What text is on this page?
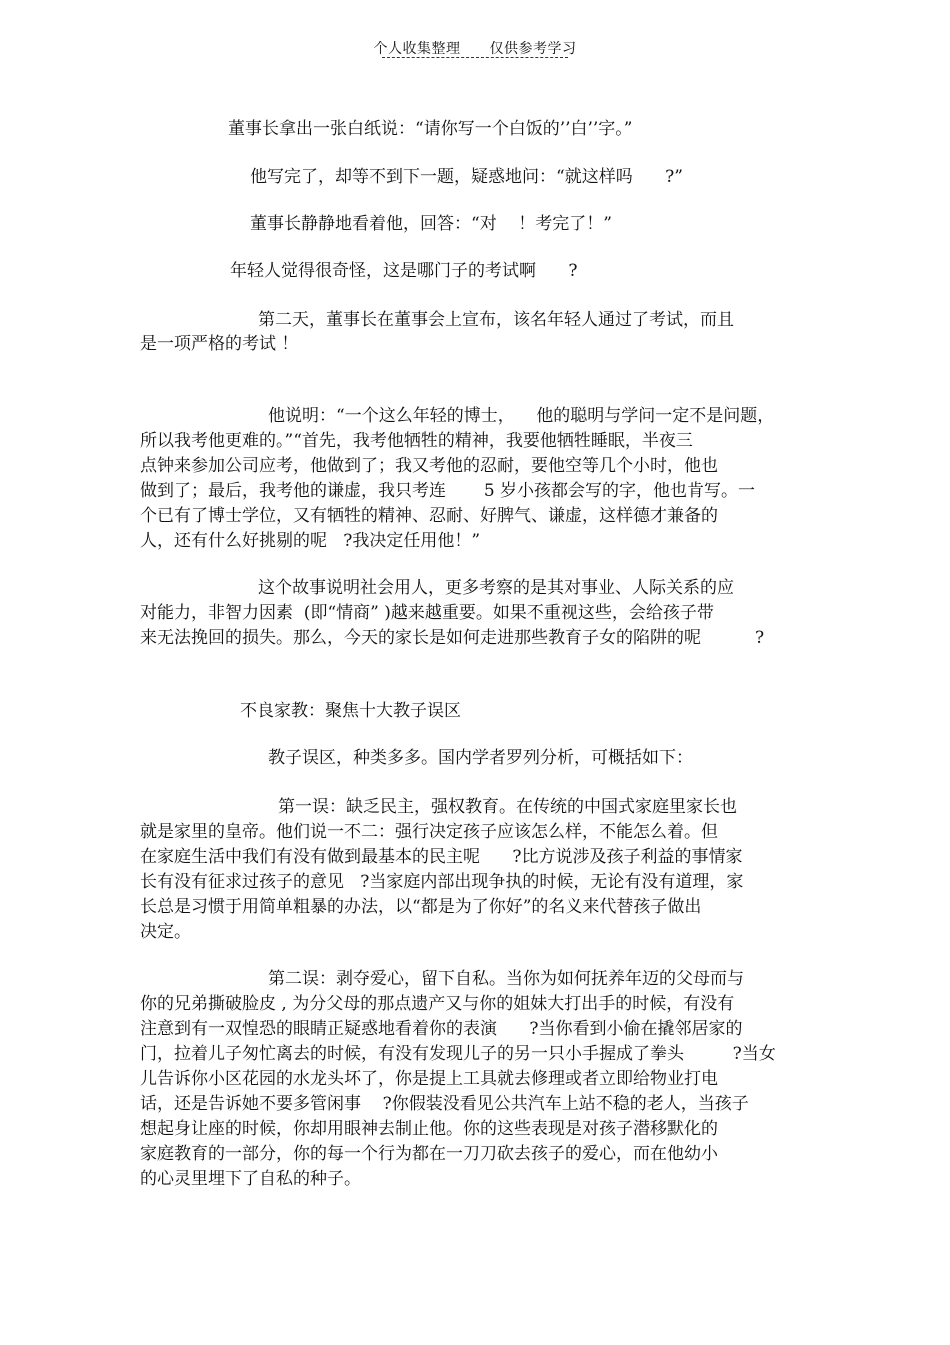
个人收集整理 仅供参考学习
董事长拿出一张白纸说：“请你写一个白饭的’’白’’字。”
他写完了，却等不到下一题，疑惑地问：“就这样吗      ?”
董事长静静地看着他，回答：“对    ！考完了！”
年轻人觉得很奇怪，这是哪门子的考试啊      ?
第二天，董事长在董事会上宣布，该名年轻人通过了考试，而且
是一项严格的考试 ！
他说明：“一个这么年轻的博士，    他的聪明与学问一定不是问题，
所以我考他更难的。”“首先，我考他牺牲的精神，我要他牺牲睡眠，半夜三
点钟来参加公司应考，他做到了；我又考他的忍耐，要他空等几个小时，他也
做到了；最后，我考他的谦虚，我只考连       5 岁小孩都会写的字，他也肯写。一
个已有了博士学位，又有牺牲的精神、忍耐、好脾气、谦虚，这样德才兼备的
人，还有什么好挑剔的呢   ?我决定任用他！”
这个故事说明社会用人，更多考察的是其对事业、人际关系的应
对能力，非智力因素  (即“情商” )越来越重要。如果不重视这些，会给孩子带
来无法挽回的损失。那么，今天的家长是如何走进那些教育子女的陷阱的呢          ?
不良家教：聚焦十大教子误区
教子误区，种类多多。国内学者罗列分析，可概括如下：
第一误：缺乏民主，强权教育。在传统的中国式家庭里家长也
就是家里的皇帝。他们说一不二：强行决定孩子应该怎么样，不能怎么着。但
在家庭生活中我们有没有做到最基本的民主呢      ?比方说涉及孩子利益的事情家
长有没有征求过孩子的意见   ?当家庭内部出现争执的时候，无论有没有道理，家
长总是习惯于用简单粗暴的办法，以“都是为了你好”的名义来代替孩子做出
决定。
第二误：剥夺爱心，留下自私。当你为如何抚养年迈的父母而与
你的兄弟撕破脸皮 , 为分父母的那点遗产又与你的姐妹大打出手的时候，有没有
注意到有一双惶恐的眼睛正疑惑地看着你的表演      ?当你看到小偷在撬邻居家的
门，拉着儿子匆忙离去的时候，有没有发现儿子的另一只小手握成了拳头         ?当女
儿告诉你小区花园的水龙头坏了，你是提上工具就去修理或者立即给物业打电
话，还是告诉她不要多管闲事    ?你假装没看见公共汽车上站不稳的老人，当孩子
想起身让座的时候，你却用眼神去制止他。你的这些表现是对孩子潜移默化的
家庭教育的一部分，你的每一个行为都在一刀刀砍去孩子的爱心，而在他幼小
的心灵里埋下了自私的种子。
